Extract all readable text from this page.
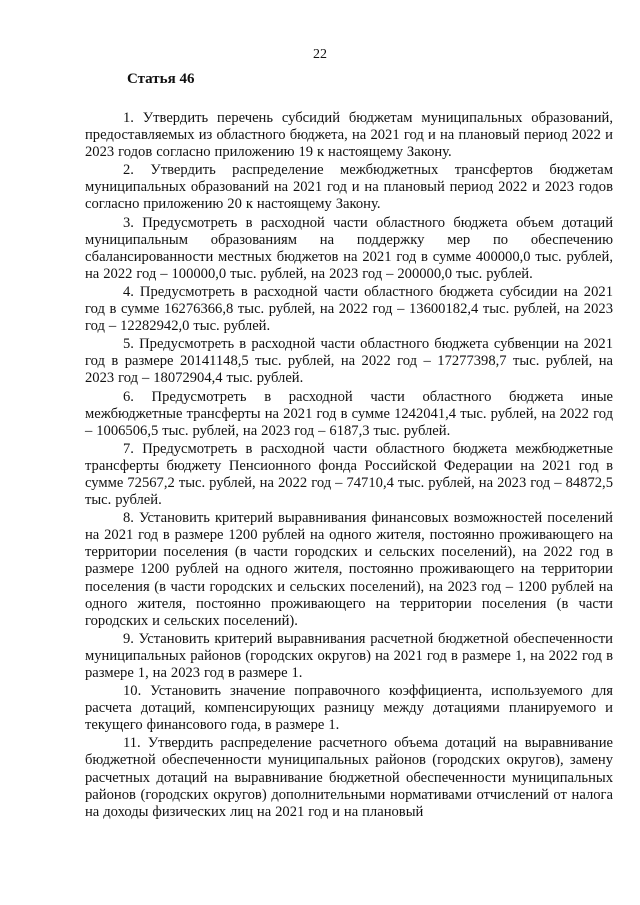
22
Статья 46

1. Утвердить перечень субсидий бюджетам муниципальных образований, предоставляемых из областного бюджета, на 2021 год и на плановый период 2022 и 2023 годов согласно приложению 19 к настоящему Закону.

2. Утвердить распределение межбюджетных трансфертов бюджетам муниципальных образований на 2021 год и на плановый период 2022 и 2023 годов согласно приложению 20 к настоящему Закону.

3. Предусмотреть в расходной части областного бюджета объем дотаций муниципальным образованиям на поддержку мер по обеспечению сбалансированности местных бюджетов на 2021 год в сумме 400000,0 тыс. рублей, на 2022 год – 100000,0 тыс. рублей, на 2023 год – 200000,0 тыс. рублей.

4. Предусмотреть в расходной части областного бюджета субсидии на 2021 год в сумме 16276366,8 тыс. рублей, на 2022 год – 13600182,4 тыс. рублей, на 2023 год – 12282942,0 тыс. рублей.

5. Предусмотреть в расходной части областного бюджета субвенции на 2021 год в размере 20141148,5 тыс. рублей, на 2022 год – 17277398,7 тыс. рублей, на 2023 год – 18072904,4 тыс. рублей.

6. Предусмотреть в расходной части областного бюджета иные межбюджетные трансферты на 2021 год в сумме 1242041,4 тыс. рублей, на 2022 год – 1006506,5 тыс. рублей, на 2023 год – 6187,3 тыс. рублей.

7. Предусмотреть в расходной части областного бюджета межбюджетные трансферты бюджету Пенсионного фонда Российской Федерации на 2021 год в сумме 72567,2 тыс. рублей, на 2022 год – 74710,4 тыс. рублей, на 2023 год – 84872,5 тыс. рублей.

8. Установить критерий выравнивания финансовых возможностей поселений на 2021 год в размере 1200 рублей на одного жителя, постоянно проживающего на территории поселения (в части городских и сельских поселений), на 2022 год в размере 1200 рублей на одного жителя, постоянно проживающего на территории поселения (в части городских и сельских поселений), на 2023 год – 1200 рублей на одного жителя, постоянно проживающего на территории поселения (в части городских и сельских поселений).

9. Установить критерий выравнивания расчетной бюджетной обеспеченности муниципальных районов (городских округов) на 2021 год в размере 1, на 2022 год в размере 1, на 2023 год в размере 1.

10. Установить значение поправочного коэффициента, используемого для расчета дотаций, компенсирующих разницу между дотациями планируемого и текущего финансового года, в размере 1.

11. Утвердить распределение расчетного объема дотаций на выравнивание бюджетной обеспеченности муниципальных районов (городских округов), замену расчетных дотаций на выравнивание бюджетной обеспеченности муниципальных районов (городских округов) дополнительными нормативами отчислений от налога на доходы физических лиц на 2021 год и на плановый
